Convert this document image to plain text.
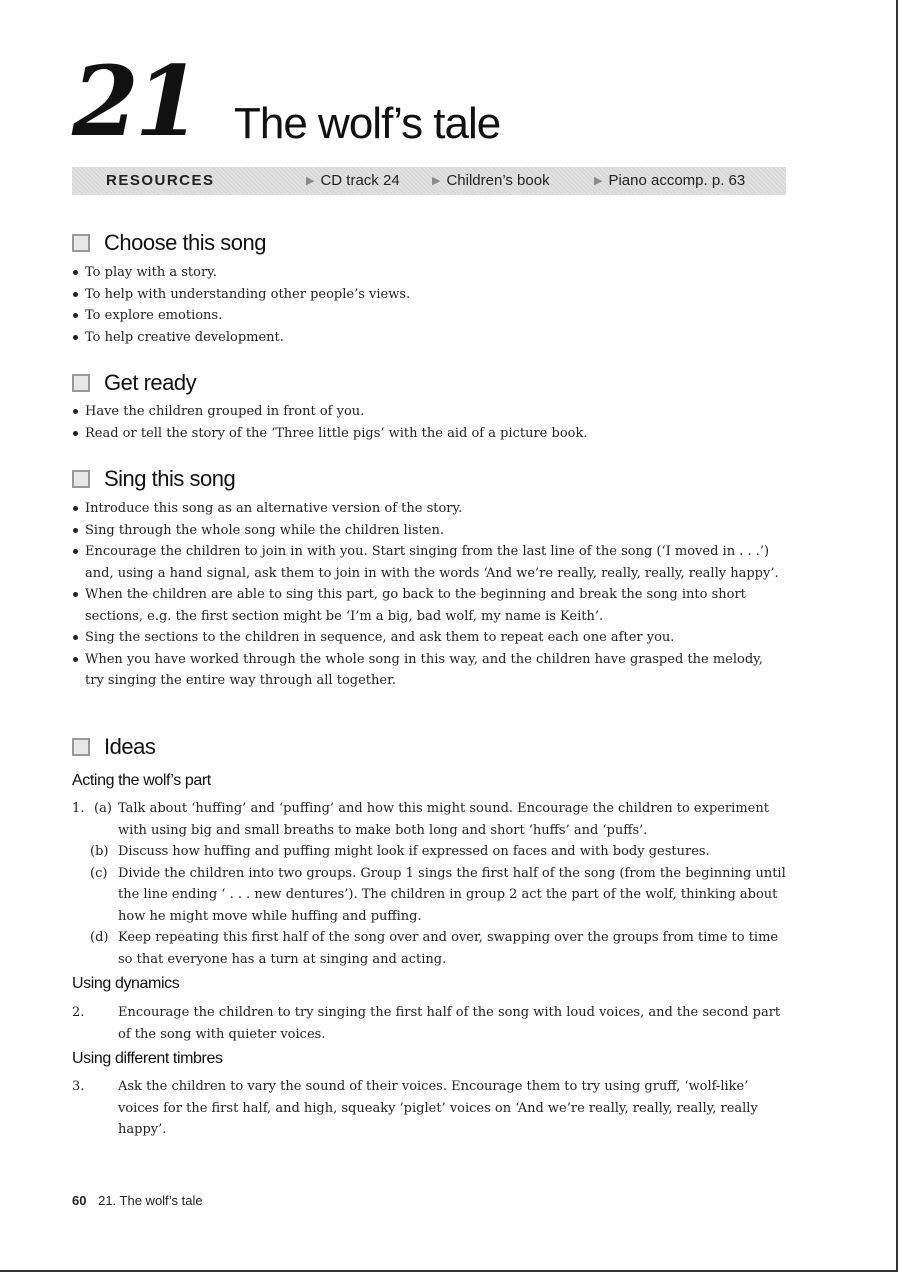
21 The wolf’s tale
RESOURCES	▶ CD track 24	▶ Children’s book	▶ Piano accomp. p. 63
Choose this song
To play with a story.
To help with understanding other people’s views.
To explore emotions.
To help creative development.
Get ready
Have the children grouped in front of you.
Read or tell the story of the ‘Three little pigs’ with the aid of a picture book.
Sing this song
Introduce this song as an alternative version of the story.
Sing through the whole song while the children listen.
Encourage the children to join in with you. Start singing from the last line of the song (‘I moved in . . .’) and, using a hand signal, ask them to join in with the words ‘And we’re really, really, really, really happy’.
When the children are able to sing this part, go back to the beginning and break the song into short sections, e.g. the first section might be ‘I’m a big, bad wolf, my name is Keith’.
Sing the sections to the children in sequence, and ask them to repeat each one after you.
When you have worked through the whole song in this way, and the children have grasped the melody, try singing the entire way through all together.
Ideas
Acting the wolf’s part
1. (a) Talk about ‘huffing’ and ‘puffing’ and how this might sound. Encourage the children to experiment with using big and small breaths to make both long and short ‘huffs’ and ‘puffs’.
(b) Discuss how huffing and puffing might look if expressed on faces and with body gestures.
(c) Divide the children into two groups. Group 1 sings the first half of the song (from the beginning until the line ending ‘ . . . new dentures’). The children in group 2 act the part of the wolf, thinking about how he might move while huffing and puffing.
(d) Keep repeating this first half of the song over and over, swapping over the groups from time to time so that everyone has a turn at singing and acting.
Using dynamics
2.	Encourage the children to try singing the first half of the song with loud voices, and the second part of the song with quieter voices.
Using different timbres
3.	Ask the children to vary the sound of their voices. Encourage them to try using gruff, ‘wolf-like’ voices for the first half, and high, squeaky ‘piglet’ voices on ‘And we’re really, really, really, really happy’.
60 21. The wolf’s tale
